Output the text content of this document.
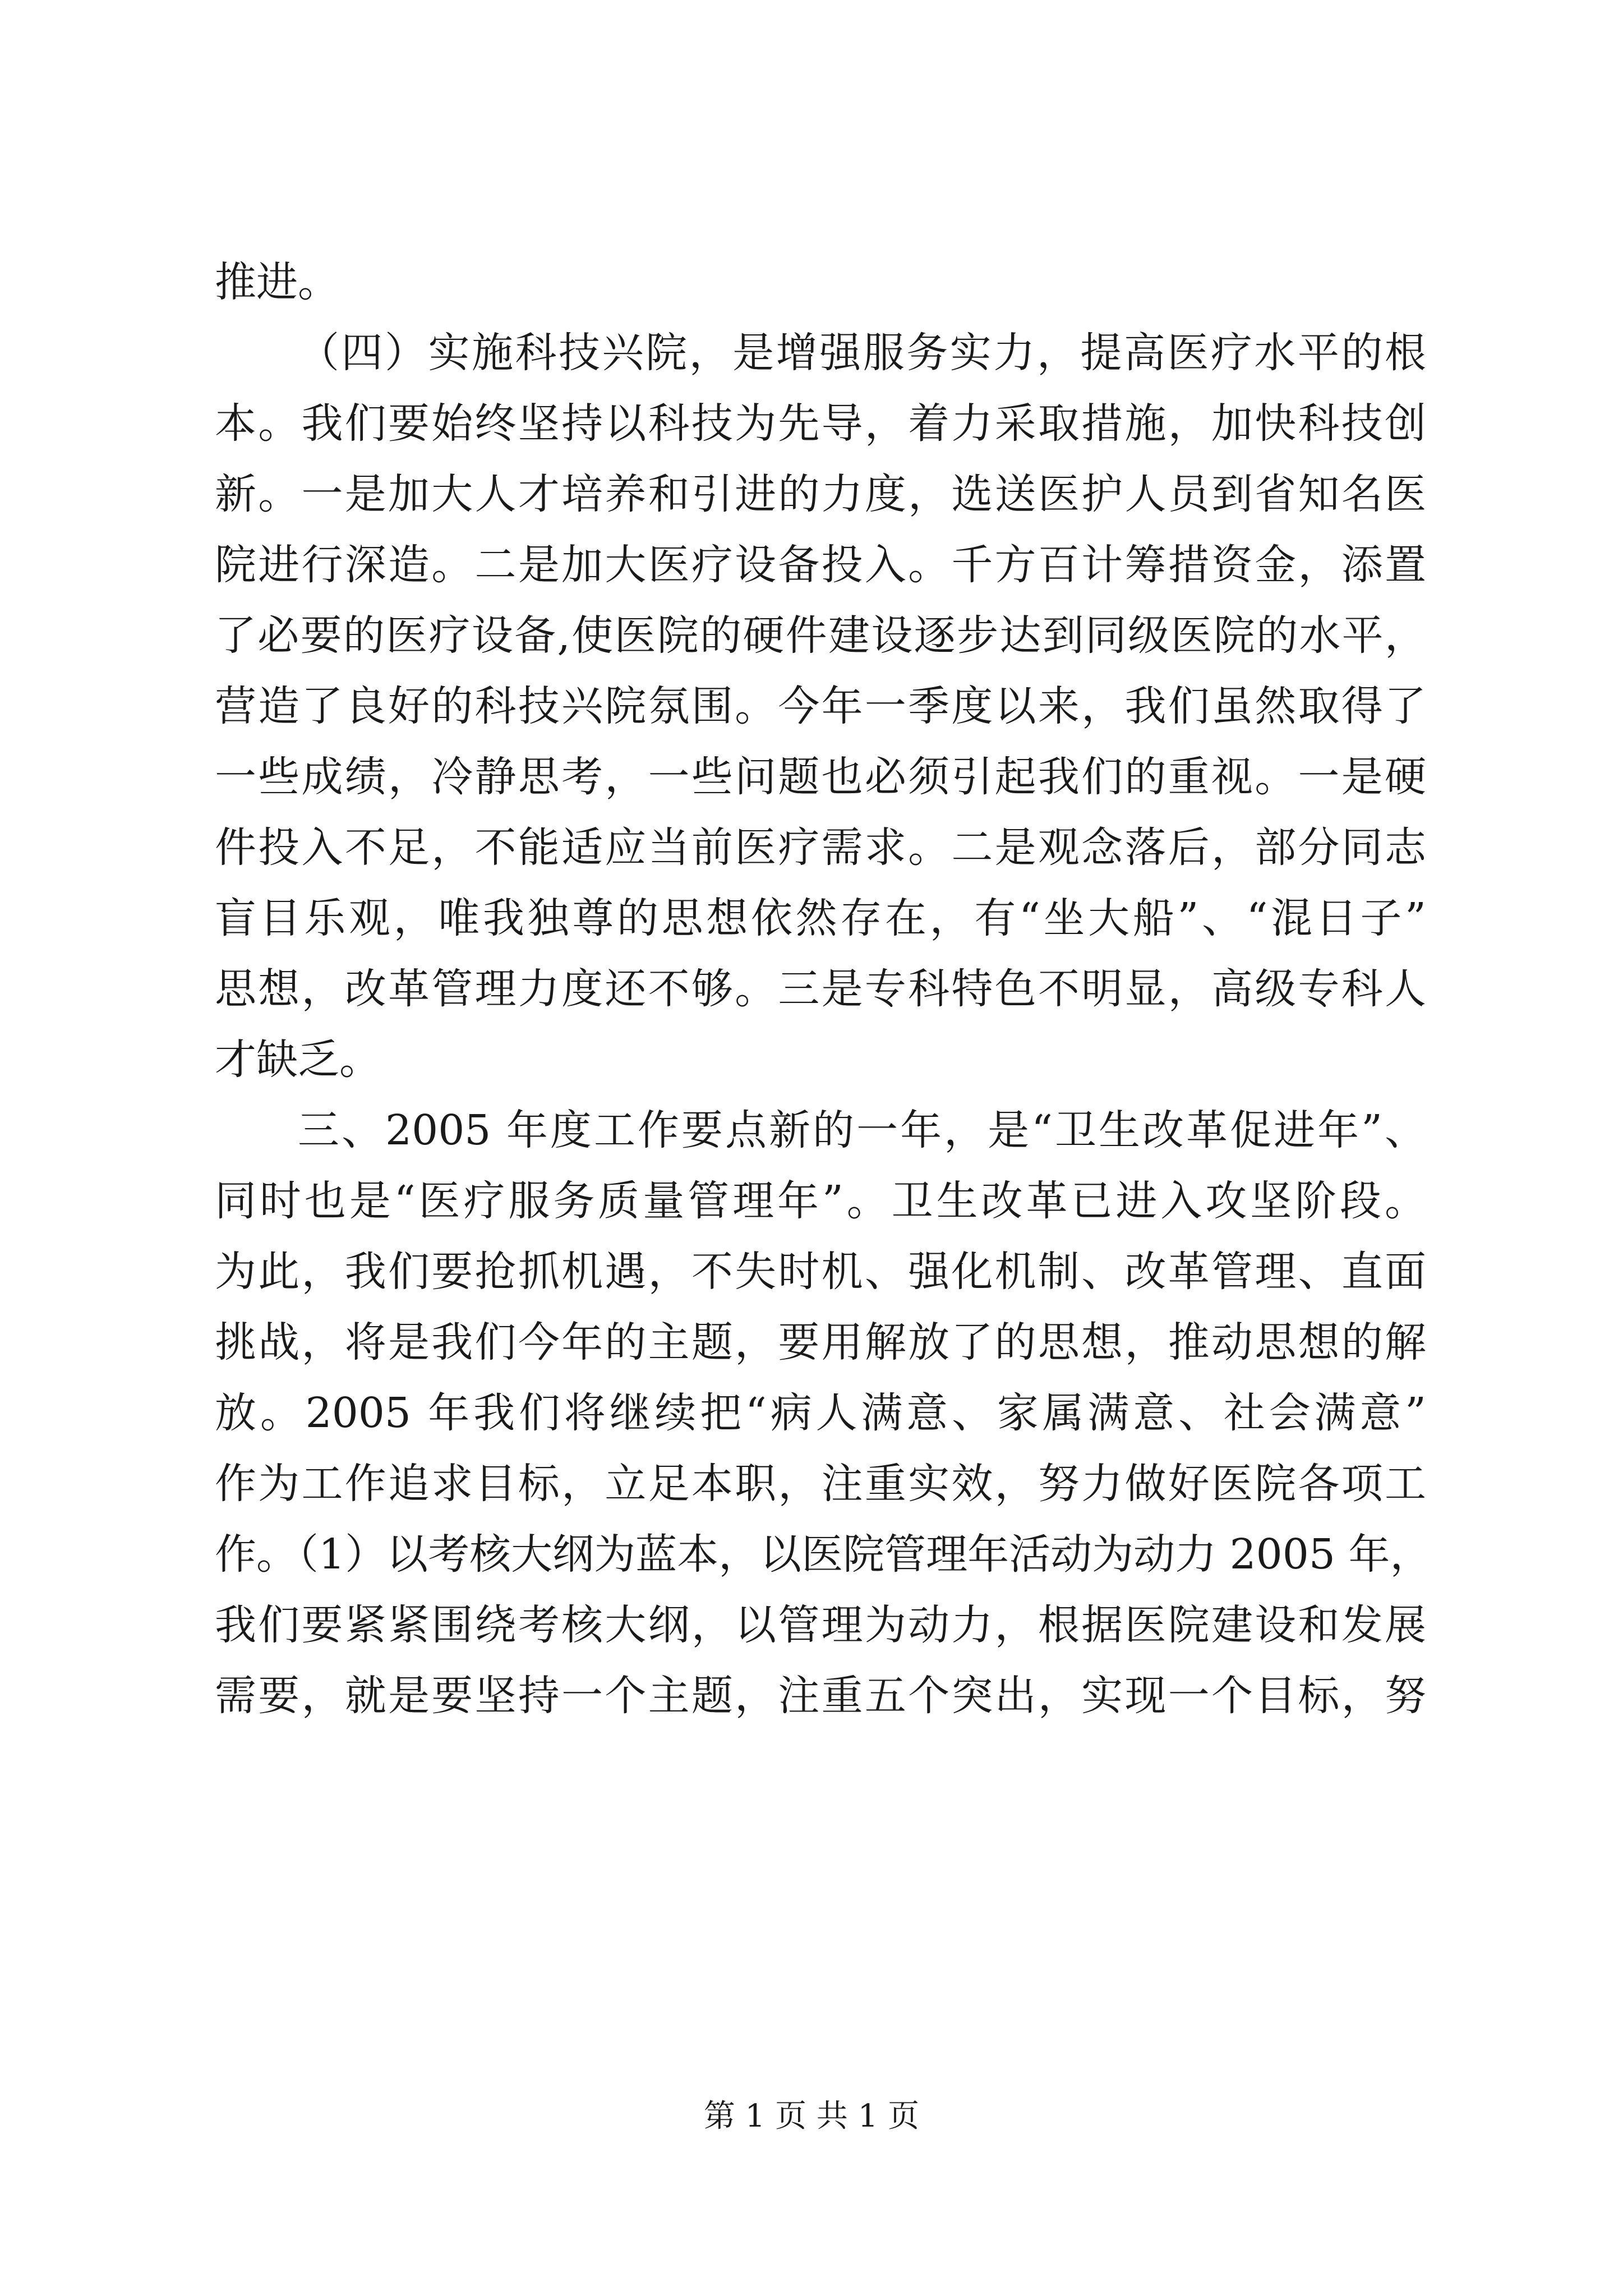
推进。
（四）实施科技兴院，是增强服务实力，提高医疗水平的根
本。我们要始终坚持以科技为先导，着力采取措施，加快科技创
新。一是加大人才培养和引进的力度，选送医护人员到省知名医
院进行深造。二是加大医疗设备投入。千方百计筹措资金，添置
了必要的医疗设备,使医院的硬件建设逐步达到同级医院的水平，
营造了良好的科技兴院氛围。今年一季度以来，我们虽然取得了
一些成绩，冷静思考，一些问题也必须引起我们的重视。一是硬
件投入不足，不能适应当前医疗需求。二是观念落后，部分同志
盲目乐观，唯我独尊的思想依然存在，有“坐大船”、“混日子”
思想，改革管理力度还不够。三是专科特色不明显，高级专科人
才缺乏。
三、2005 年度工作要点新的一年，是“卫生改革促进年”、
同时也是“医疗服务质量管理年”。卫生改革已进入攻坚阶段。
为此，我们要抢抓机遇，不失时机、强化机制、改革管理、直面
挑战，将是我们今年的主题，要用解放了的思想，推动思想的解
放。2005 年我们将继续把“病人满意、家属满意、社会满意”
作为工作追求目标，立足本职，注重实效，努力做好医院各项工
作。（1）以考核大纲为蓝本，以医院管理年活动为动力 2005 年，
我们要紧紧围绕考核大纲，以管理为动力，根据医院建设和发展
需要，就是要坚持一个主题，注重五个突出，实现一个目标，努
第 1 页 共 1 页
